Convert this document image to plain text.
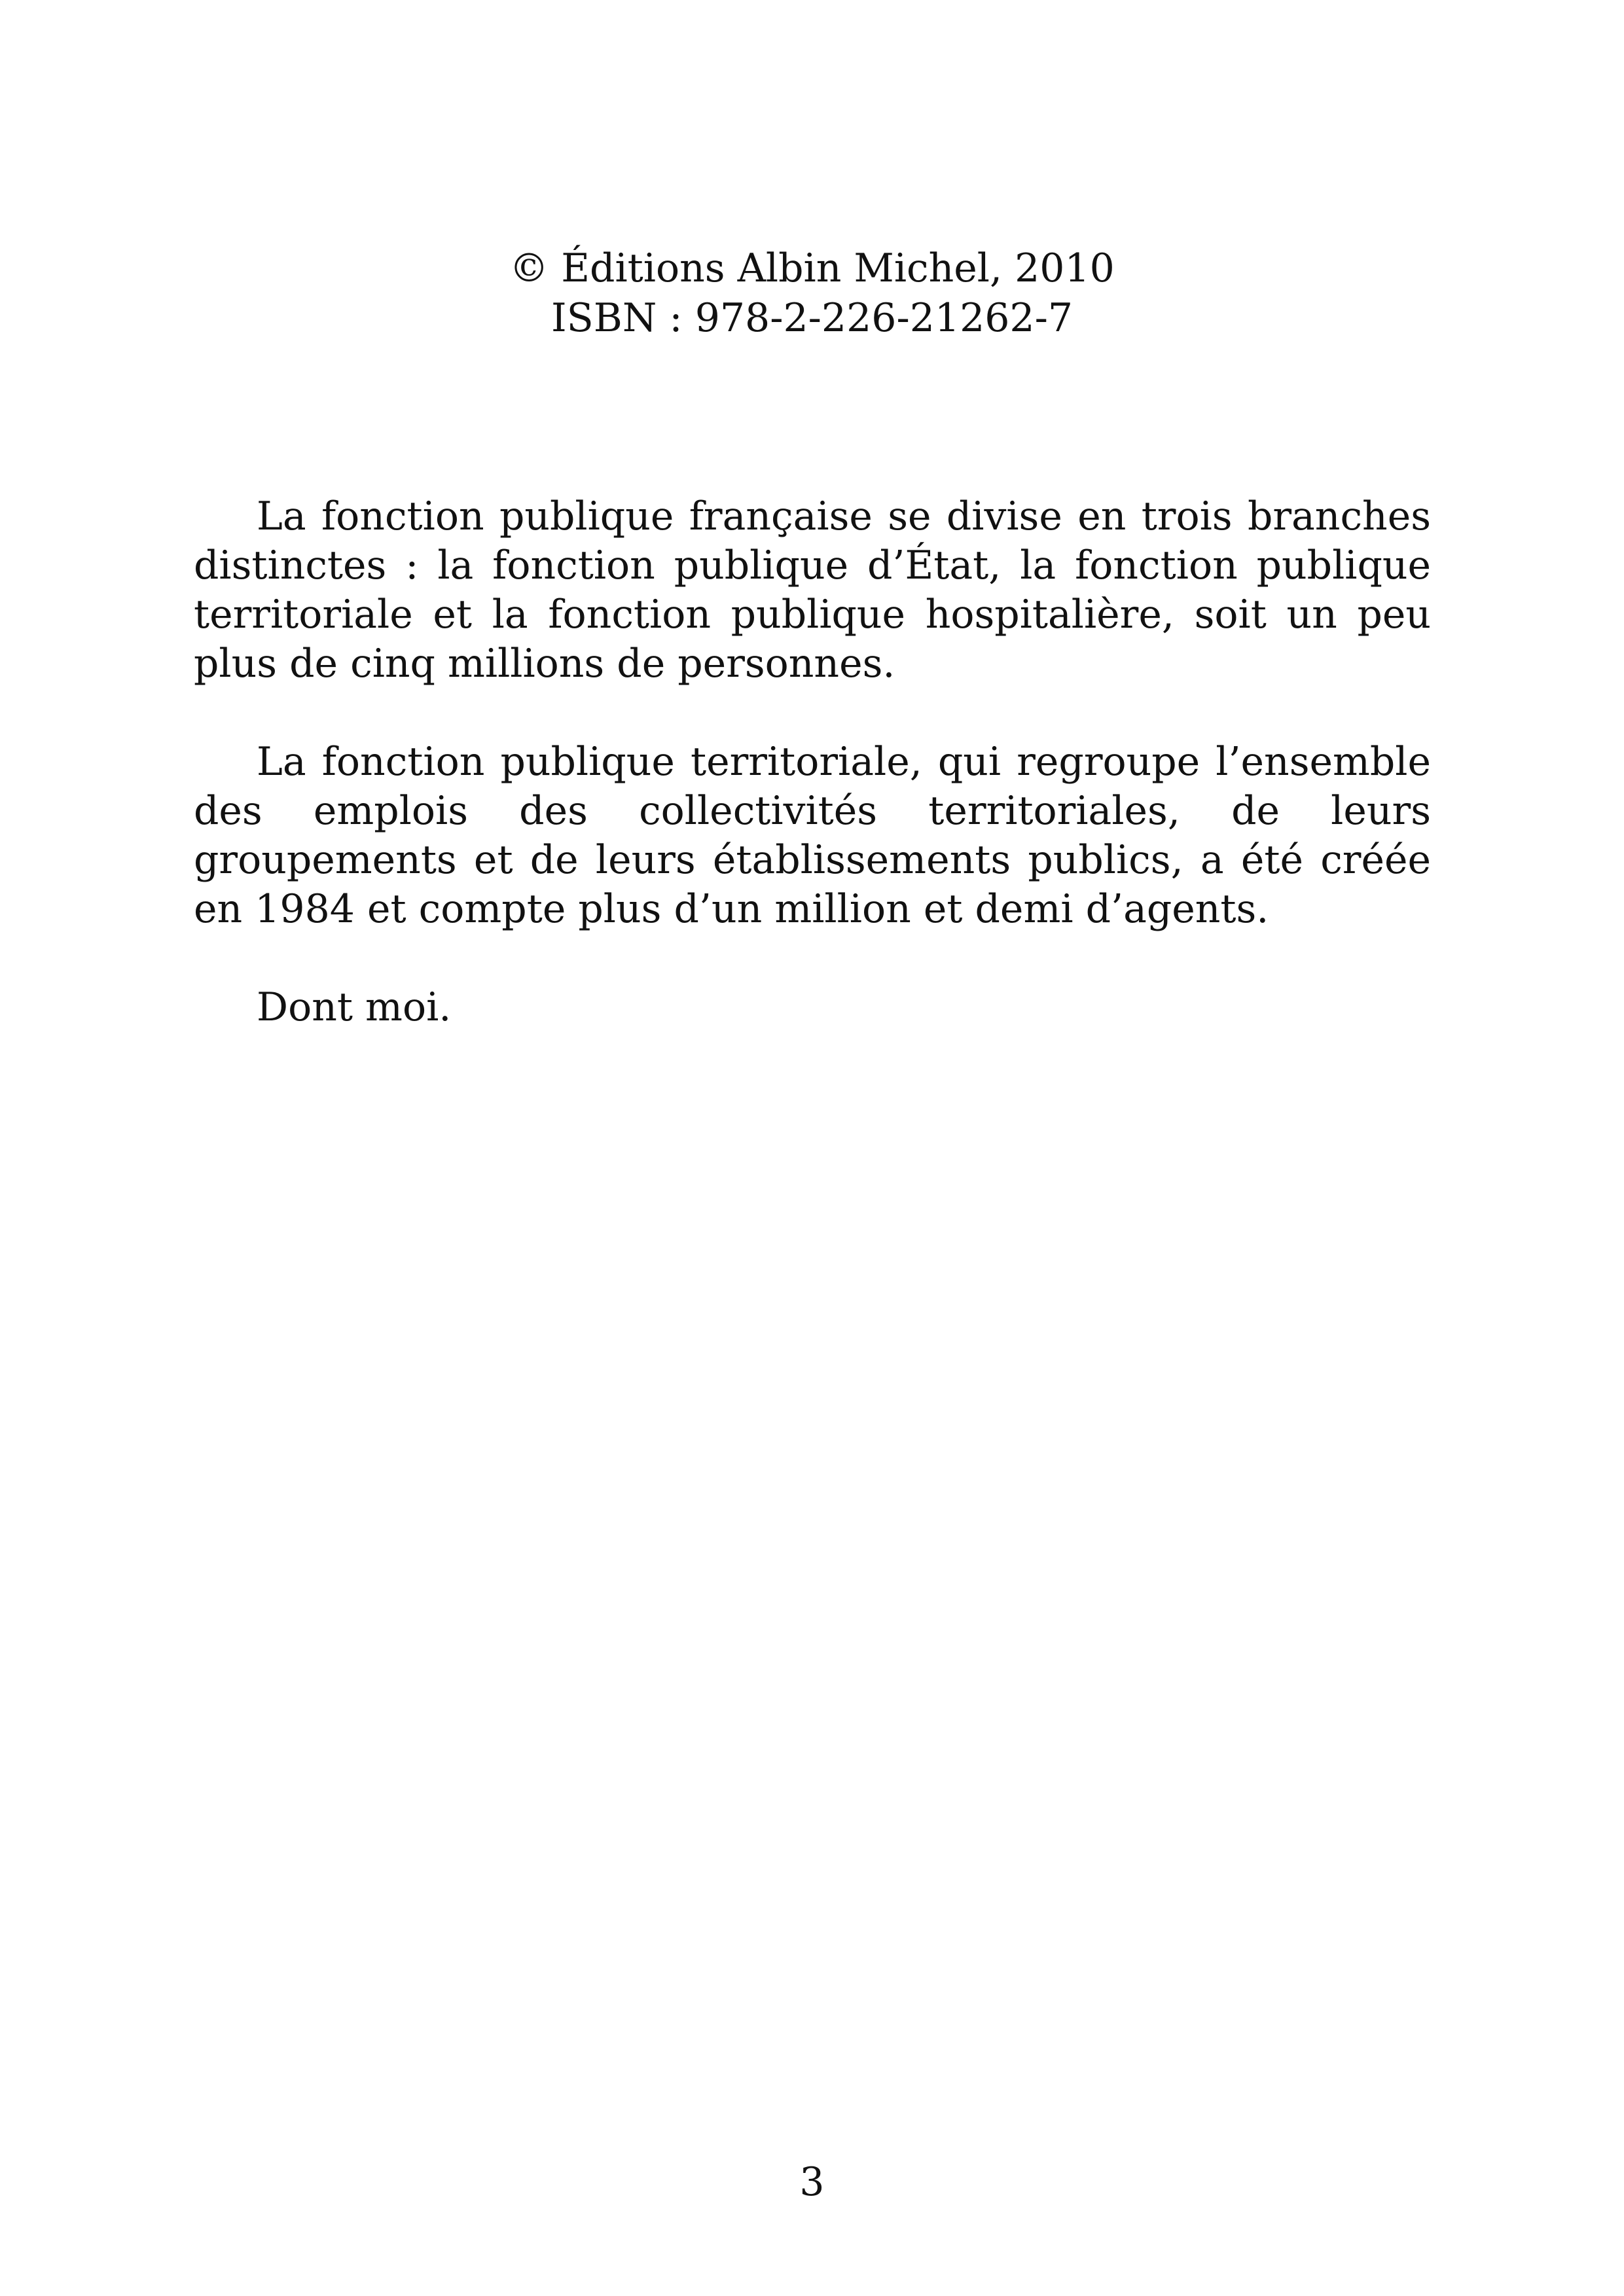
© Éditions Albin Michel, 2010
ISBN : 978-2-226-21262-7

La fonction publique française se divise en trois branches distinctes : la fonction publique d’État, la fonction publique territoriale et la fonction publique hospitalière, soit un peu plus de cinq millions de personnes.

La fonction publique territoriale, qui regroupe l’ensemble des emplois des collectivités territoriales, de leurs groupements et de leurs établissements publics, a été créée en 1984 et compte plus d’un million et demi d’agents.

Dont moi.

3
